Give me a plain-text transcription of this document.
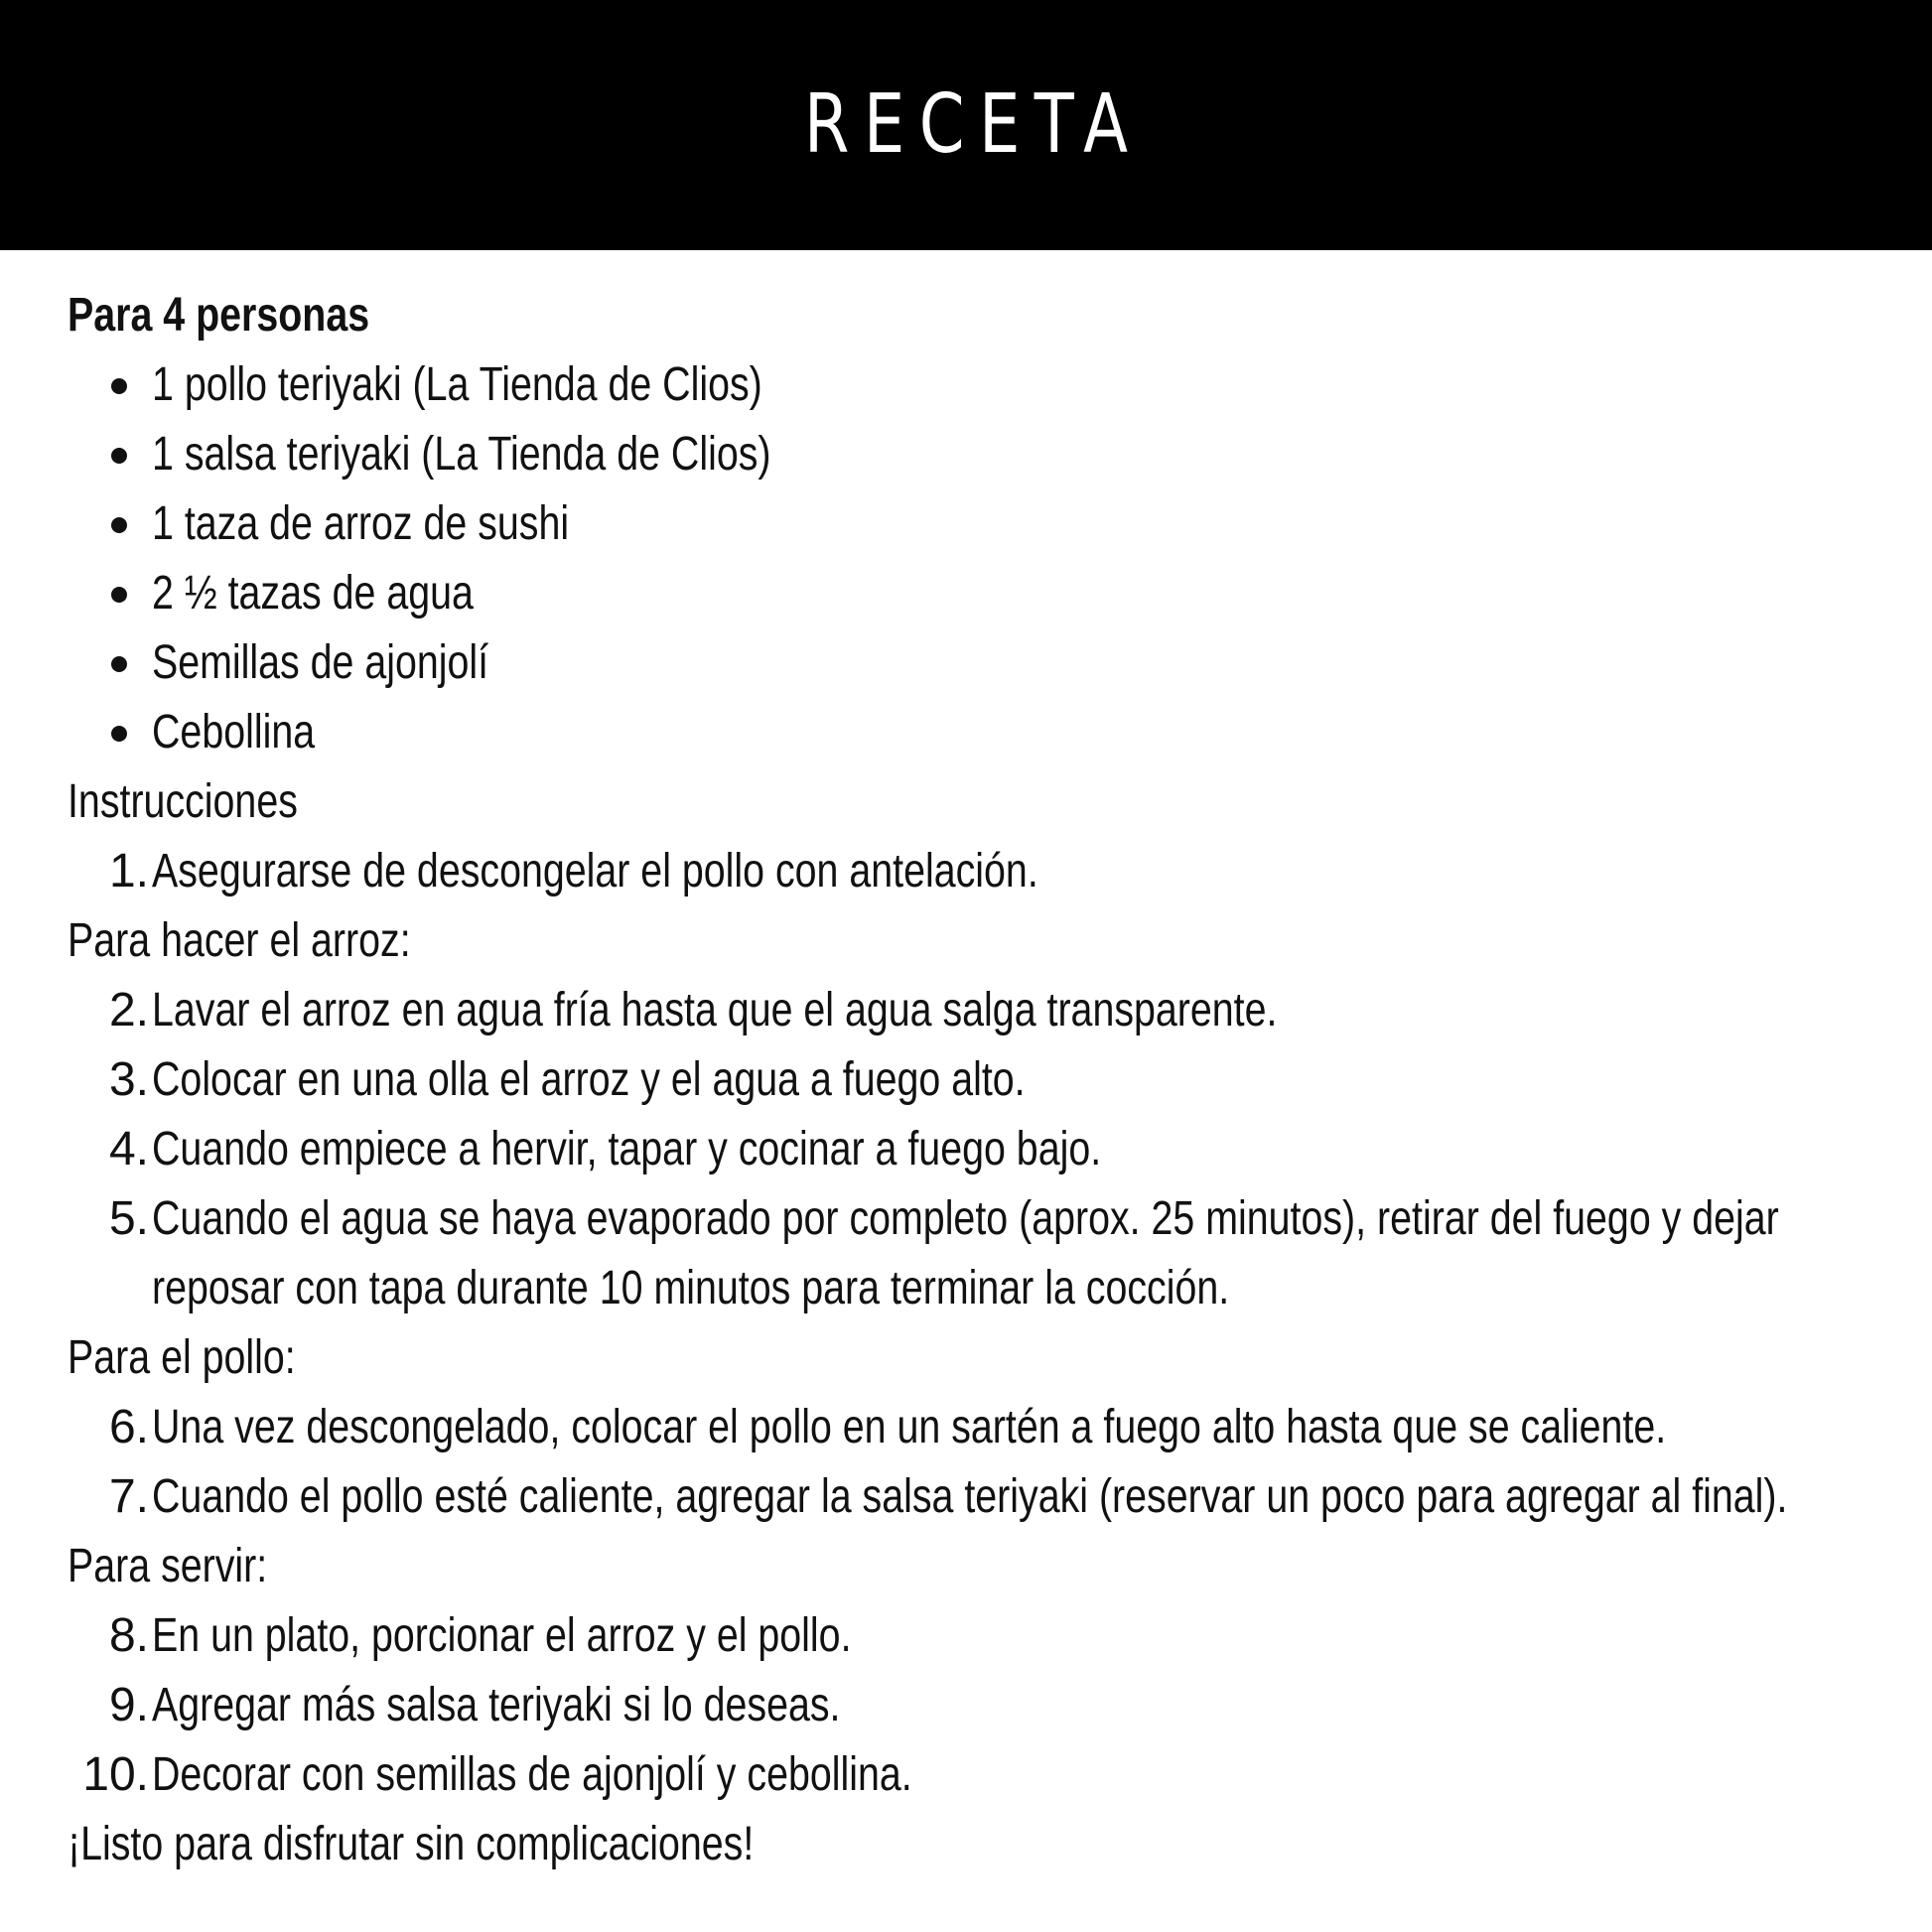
RECETA
Para 4 personas
1 pollo teriyaki (La Tienda de Clios)
1 salsa teriyaki (La Tienda de Clios)
1 taza de arroz de sushi
2 ½ tazas de agua
Semillas de ajonjolí
Cebollina
Instrucciones
1. Asegurarse de descongelar el pollo con antelación.
Para hacer el arroz:
2. Lavar el arroz en agua fría hasta que el agua salga transparente.
3. Colocar en una olla el arroz y el agua a fuego alto.
4. Cuando empiece a hervir, tapar y cocinar a fuego bajo.
5. Cuando el agua se haya evaporado por completo (aprox. 25 minutos), retirar del fuego y dejar
reposar con tapa durante 10 minutos para terminar la cocción.
Para el pollo:
6. Una vez descongelado, colocar el pollo en un sartén a fuego alto hasta que se caliente.
7. Cuando el pollo esté caliente, agregar la salsa teriyaki (reservar un poco para agregar al final).
Para servir:
8. En un plato, porcionar el arroz y el pollo.
9. Agregar más salsa teriyaki si lo deseas.
10. Decorar con semillas de ajonjolí y cebollina.
¡Listo para disfrutar sin complicaciones!
